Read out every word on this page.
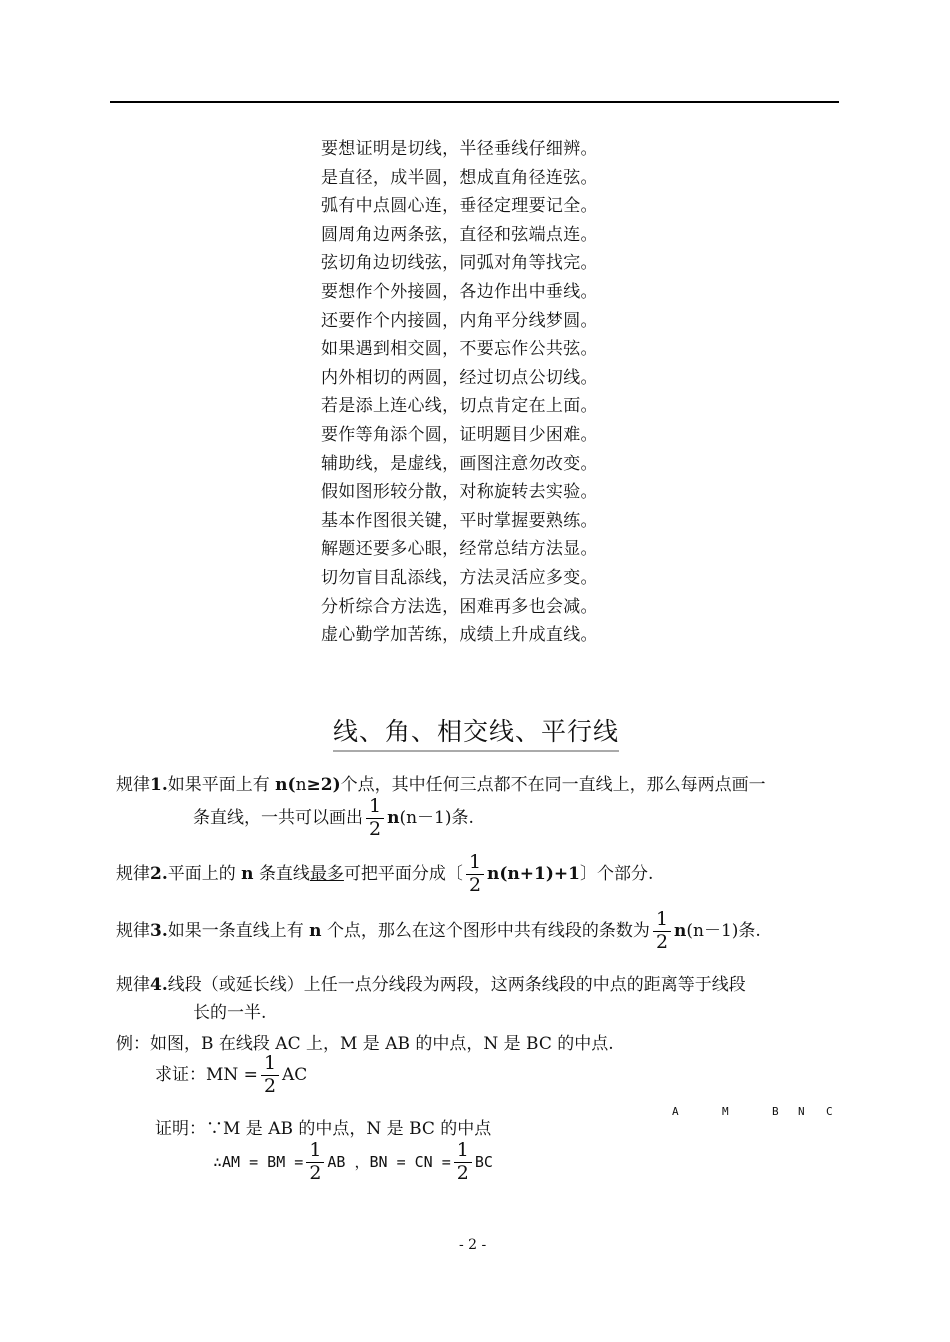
要想证明是切线，半径垂线仔细辨。
是直径，成半圆，想成直角径连弦。
弧有中点圆心连，垂径定理要记全。
圆周角边两条弦，直径和弦端点连。
弦切角边切线弦，同弧对角等找完。
要想作个外接圆，各边作出中垂线。
还要作个内接圆，内角平分线梦圆。
如果遇到相交圆，不要忘作公共弦。
内外相切的两圆，经过切点公切线。
若是添上连心线，切点肯定在上面。
要作等角添个圆，证明题目少困难。
辅助线，是虚线，画图注意勿改变。
假如图形较分散，对称旋转去实验。
基本作图很关键，平时掌握要熟练。
解题还要多心眼，经常总结方法显。
切勿盲目乱添线，方法灵活应多变。
分析综合方法选，困难再多也会减。
虚心勤学加苦练，成绩上升成直线。
线、角、相交线、平行线
规律1.如果平面上有 n(n≥2)个点，其中任何三点都不在同一直线上，那么每两点画一
条直线，一共可以画出 $\frac{1}{2} n(n-1)$条.
规律2.平面上的 n 条直线最多可把平面分成〔 $\frac{1}{2} n(n+1)+1$〕个部分.
规律3.如果一条直线上有 n 个点，那么在这个图形中共有线段的条数为 $\frac{1}{2} n(n-1)$条.
规律4.线段（或延长线）上任一点分线段为两段，这两条线段的中点的距离等于线段
长的一半.
例：如图，B 在线段 AC 上，M 是 AB 的中点，N 是 BC 的中点.
求证：MN = $\frac{1}{2}$ AC
证明：∵M 是 AB 的中点，N 是 BC 的中点
∴AM = BM = $\frac{1}{2}$ AB ，BN = CN = $\frac{1}{2}$ BC
A	M	B N C
- 2 -
